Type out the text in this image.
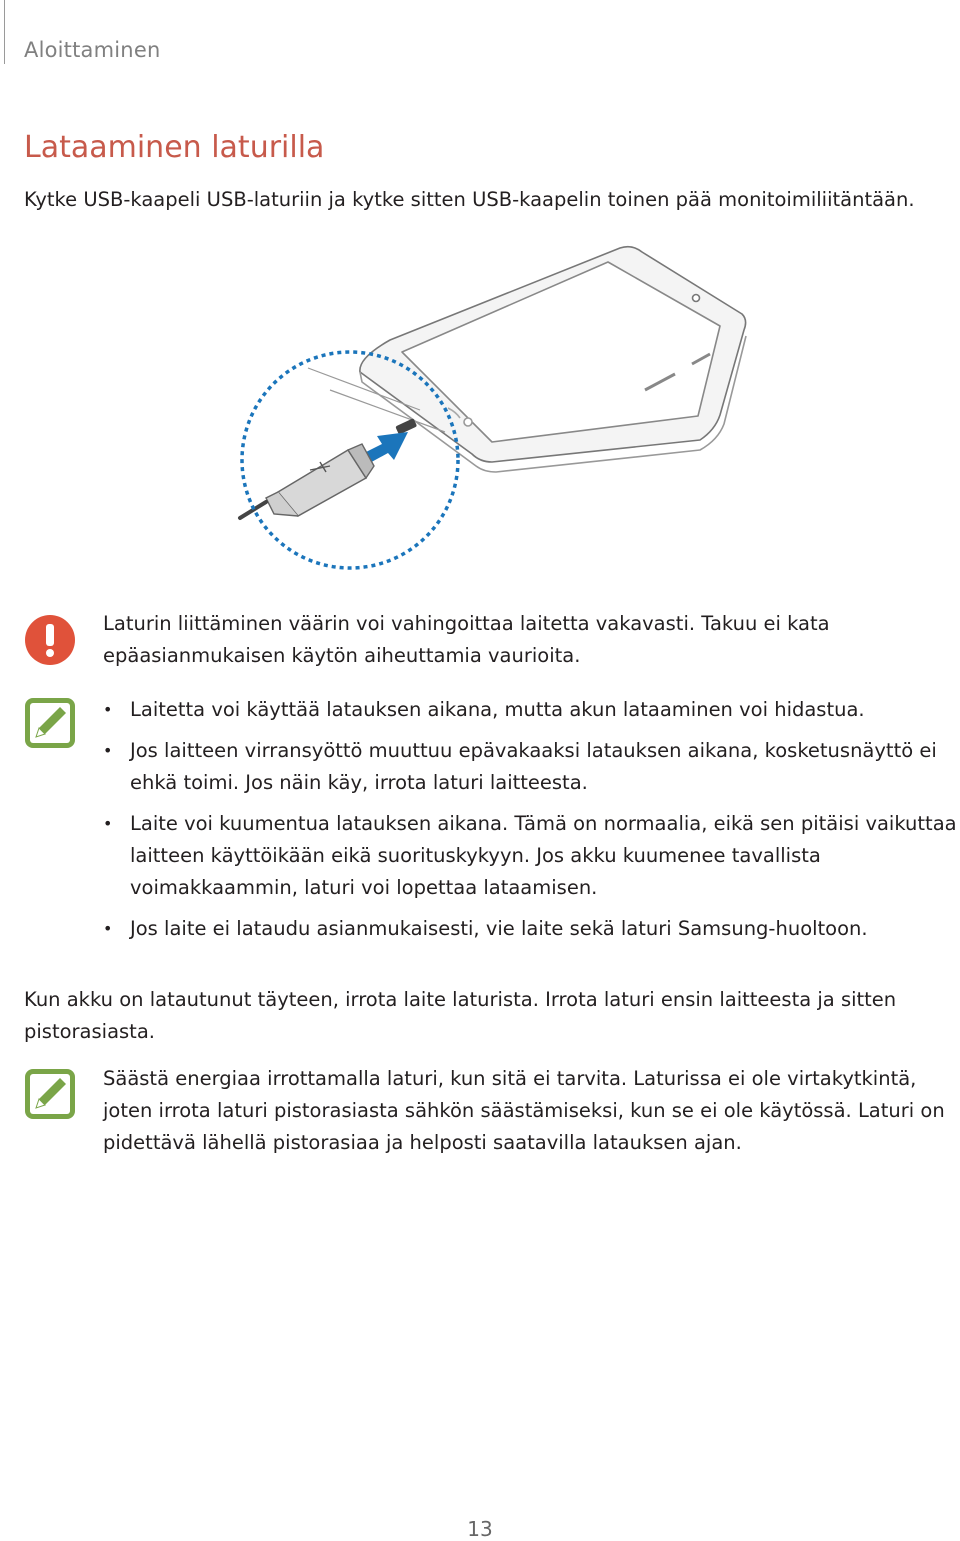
Aloittaminen
Lataaminen laturilla
Kytke USB-kaapeli USB-laturiin ja kytke sitten USB-kaapelin toinen pää monitoimiliitäntään.
Laturin liittäminen väärin voi vahingoittaa laitetta vakavasti. Takuu ei kata epäasianmukaisen käytön aiheuttamia vaurioita.
• Laitetta voi käyttää latauksen aikana, mutta akun lataaminen voi hidastua.
• Jos laitteen virransyöttö muuttuu epävakaaksi latauksen aikana, kosketusnäyttö ei ehkä toimi. Jos näin käy, irrota laturi laitteesta.
• Laite voi kuumentua latauksen aikana. Tämä on normaalia, eikä sen pitäisi vaikuttaa laitteen käyttöikään eikä suorituskykyyn. Jos akku kuumenee tavallista voimakkaammin, laturi voi lopettaa lataamisen.
• Jos laite ei lataudu asianmukaisesti, vie laite sekä laturi Samsung-huoltoon.
Kun akku on latautunut täyteen, irrota laite laturista. Irrota laturi ensin laitteesta ja sitten pistorasiasta.
Säästä energiaa irrottamalla laturi, kun sitä ei tarvita. Laturissa ei ole virtakytkintä, joten irrota laturi pistorasiasta sähkön säästämiseksi, kun se ei ole käytössä. Laturi on pidettävä lähellä pistorasiaa ja helposti saatavilla latauksen ajan.
13
